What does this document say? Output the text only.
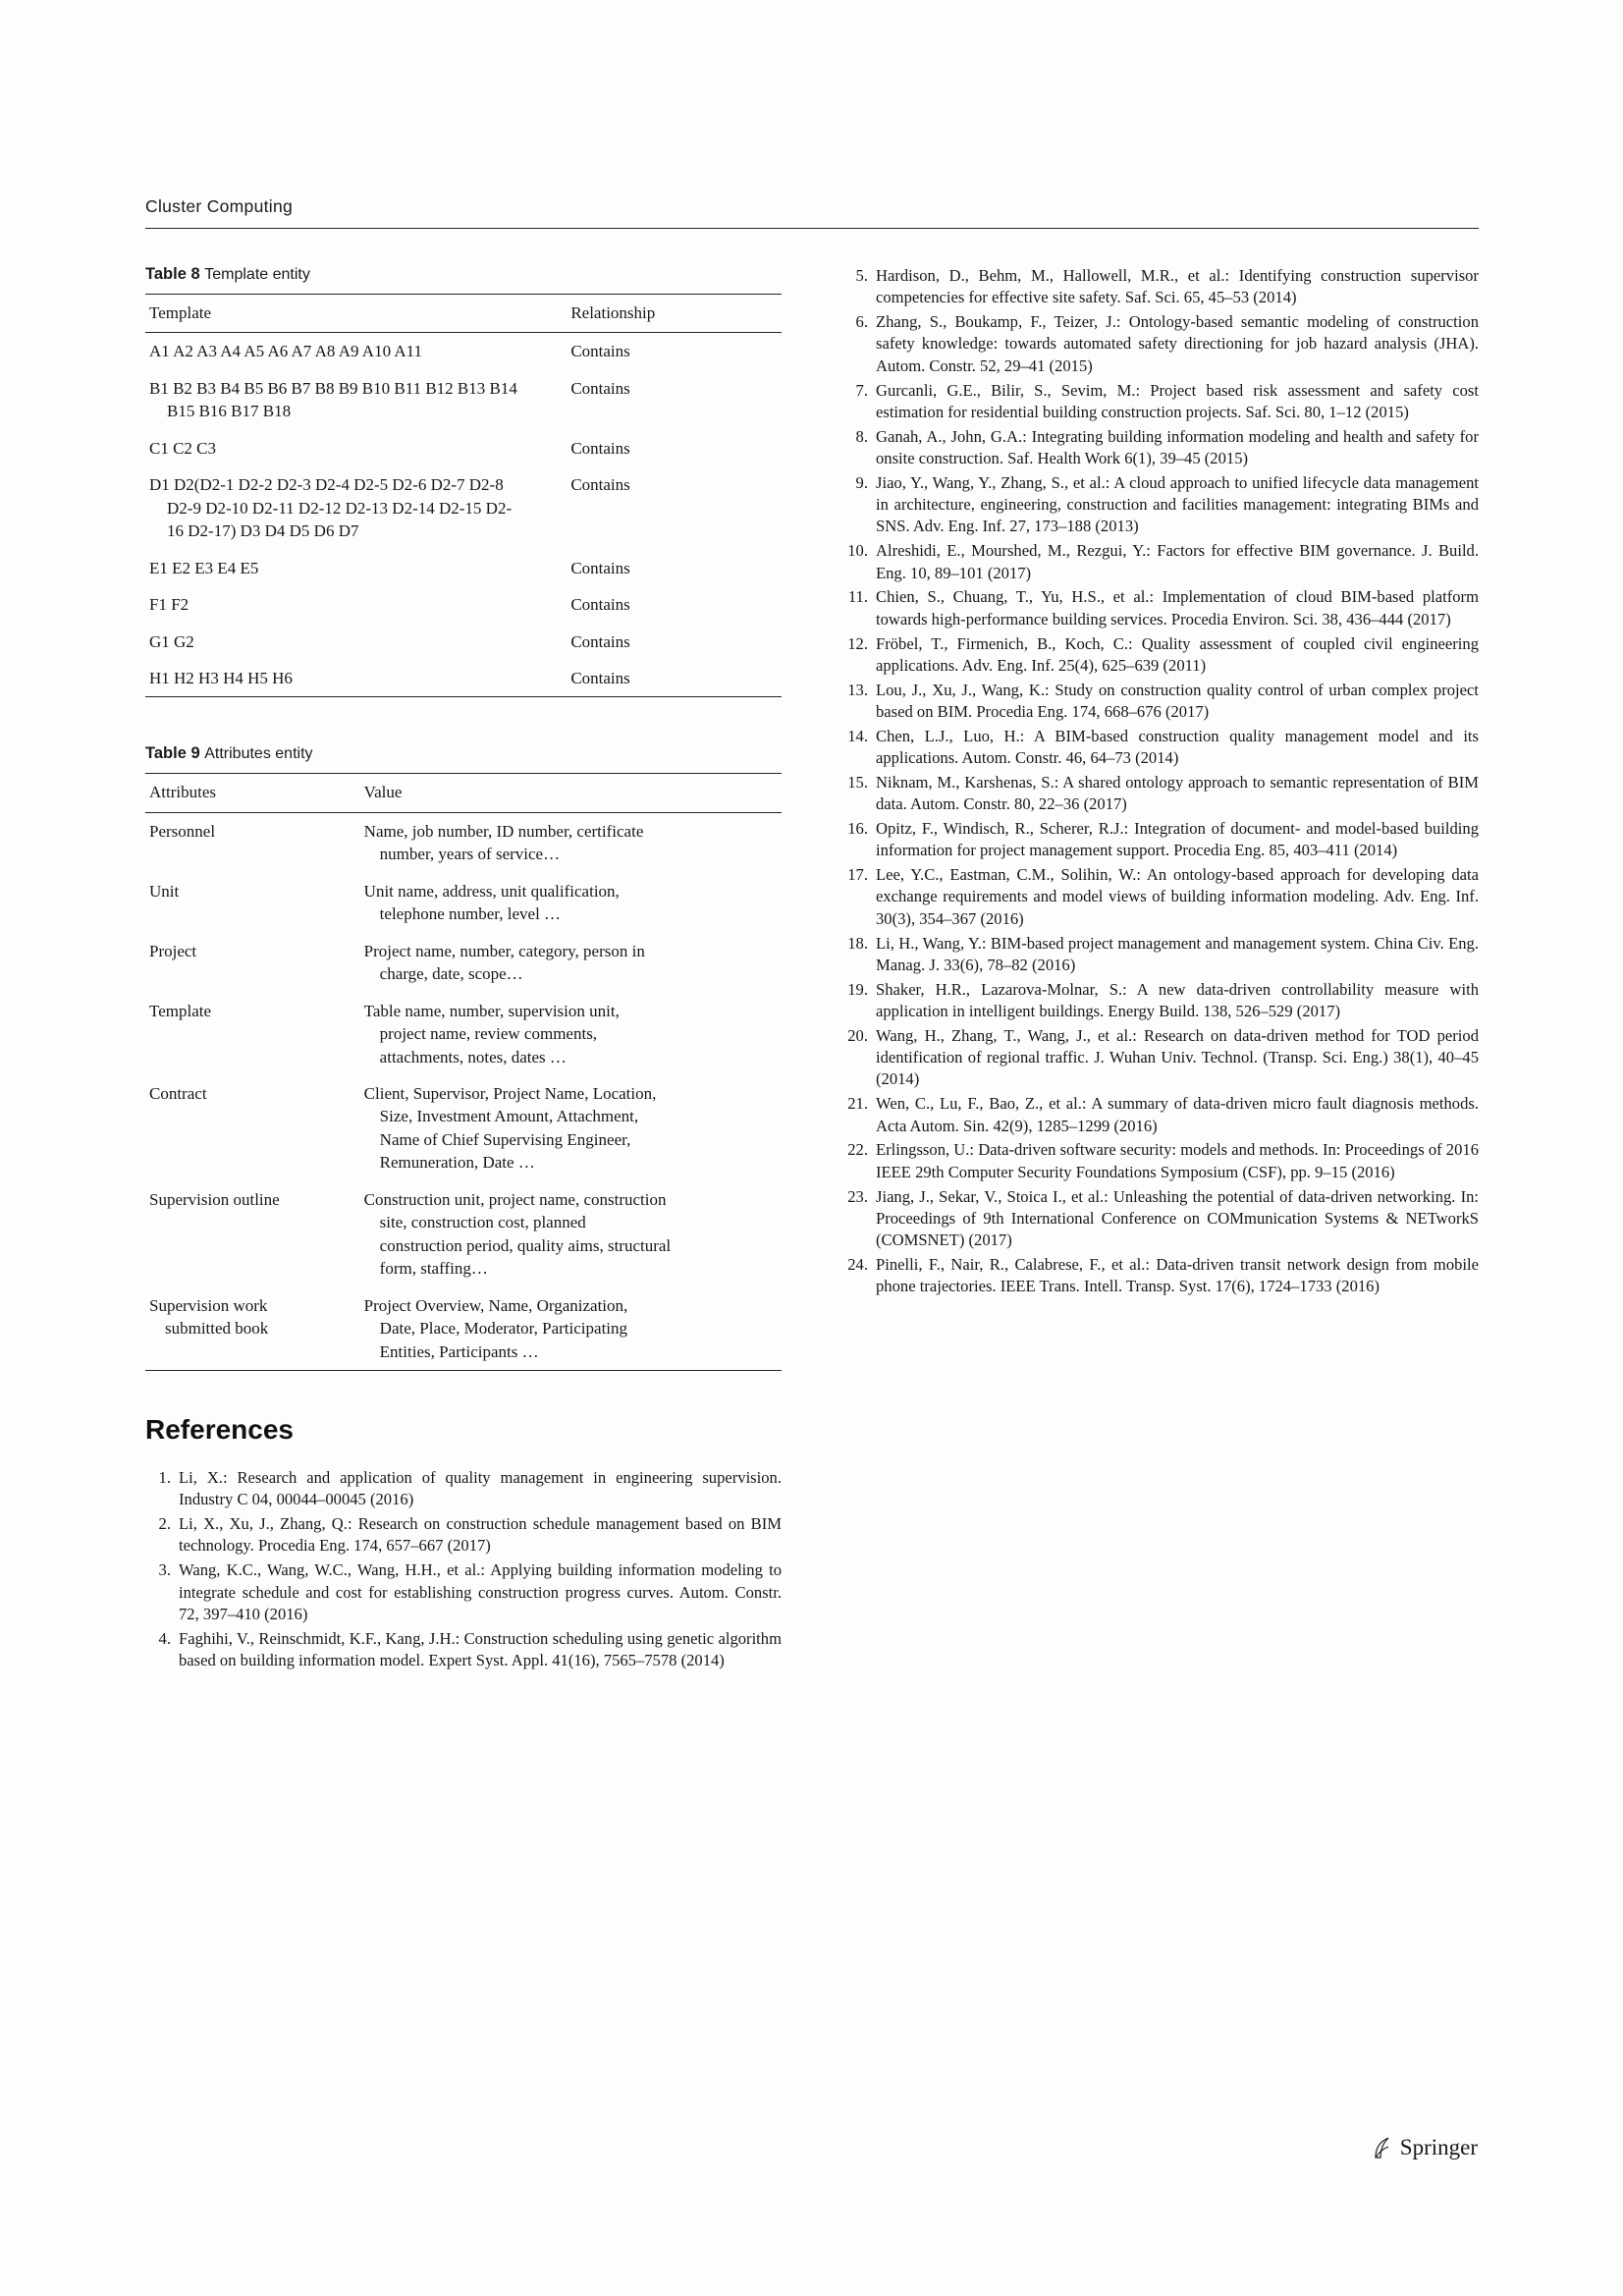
Cluster Computing
Table 8 Template entity
Template	Relationship

A1 A2 A3 A4 A5 A6 A7 A8 A9 A10 A11	Contains

B1 B2 B3 B4 B5 B6 B7 B8 B9 B10 B11 B12 B13 B14
B15 B16 B17 B18	Contains

C1 C2 C3	Contains

D1 D2(D2-1 D2-2 D2-3 D2-4 D2-5 D2-6 D2-7 D2-8
D2-9 D2-10 D2-11 D2-12 D2-13 D2-14 D2-15 D2-
16 D2-17) D3 D4 D5 D6 D7	Contains

E1 E2 E3 E4 E5	Contains

F1 F2	Contains

G1 G2	Contains

H1 H2 H3 H4 H5 H6	Contains
Table 9 Attributes entity
Attributes	Value
Personnel	Name, job number, ID number, certificate
number, years of service…

Unit	Unit name, address, unit qualification,
telephone number, level …

Project	Project name, number, category, person in
charge, date, scope…

Template	Table name, number, supervision unit,
project name, review comments,
attachments, notes, dates …

Contract	Client, Supervisor, Project Name, Location,
Size, Investment Amount, Attachment,
Name of Chief Supervising Engineer,
Remuneration, Date …

Supervision outline	Construction unit, project name, construction
site, construction cost, planned
construction period, quality aims, structural
form, staffing…

Supervision work
submitted book	Project Overview, Name, Organization,
Date, Place, Moderator, Participating
Entities, Participants …
References
1. Li, X.: Research and application of quality management in engineering supervision. Industry C 04, 00044–00045 (2016)
2. Li, X., Xu, J., Zhang, Q.: Research on construction schedule management based on BIM technology. Procedia Eng. 174, 657–667 (2017)
3. Wang, K.C., Wang, W.C., Wang, H.H., et al.: Applying building information modeling to integrate schedule and cost for establishing construction progress curves. Autom. Constr. 72, 397–410 (2016)
4. Faghihi, V., Reinschmidt, K.F., Kang, J.H.: Construction scheduling using genetic algorithm based on building information model. Expert Syst. Appl. 41(16), 7565–7578 (2014)
5. Hardison, D., Behm, M., Hallowell, M.R., et al.: Identifying construction supervisor competencies for effective site safety. Saf. Sci. 65, 45–53 (2014)
6. Zhang, S., Boukamp, F., Teizer, J.: Ontology-based semantic modeling of construction safety knowledge: towards automated safety directioning for job hazard analysis (JHA). Autom. Constr. 52, 29–41 (2015)
7. Gurcanli, G.E., Bilir, S., Sevim, M.: Project based risk assessment and safety cost estimation for residential building construction projects. Saf. Sci. 80, 1–12 (2015)
8. Ganah, A., John, G.A.: Integrating building information modeling and health and safety for onsite construction. Saf. Health Work 6(1), 39–45 (2015)
9. Jiao, Y., Wang, Y., Zhang, S., et al.: A cloud approach to unified lifecycle data management in architecture, engineering, construction and facilities management: integrating BIMs and SNS. Adv. Eng. Inf. 27, 173–188 (2013)
10. Alreshidi, E., Mourshed, M., Rezgui, Y.: Factors for effective BIM governance. J. Build. Eng. 10, 89–101 (2017)
11. Chien, S., Chuang, T., Yu, H.S., et al.: Implementation of cloud BIM-based platform towards high-performance building services. Procedia Environ. Sci. 38, 436–444 (2017)
12. Fröbel, T., Firmenich, B., Koch, C.: Quality assessment of coupled civil engineering applications. Adv. Eng. Inf. 25(4), 625–639 (2011)
13. Lou, J., Xu, J., Wang, K.: Study on construction quality control of urban complex project based on BIM. Procedia Eng. 174, 668–676 (2017)
14. Chen, L.J., Luo, H.: A BIM-based construction quality management model and its applications. Autom. Constr. 46, 64–73 (2014)
15. Niknam, M., Karshenas, S.: A shared ontology approach to semantic representation of BIM data. Autom. Constr. 80, 22–36 (2017)
16. Opitz, F., Windisch, R., Scherer, R.J.: Integration of document- and model-based building information for project management support. Procedia Eng. 85, 403–411 (2014)
17. Lee, Y.C., Eastman, C.M., Solihin, W.: An ontology-based approach for developing data exchange requirements and model views of building information modeling. Adv. Eng. Inf. 30(3), 354–367 (2016)
18. Li, H., Wang, Y.: BIM-based project management and management system. China Civ. Eng. Manag. J. 33(6), 78–82 (2016)
19. Shaker, H.R., Lazarova-Molnar, S.: A new data-driven controllability measure with application in intelligent buildings. Energy Build. 138, 526–529 (2017)
20. Wang, H., Zhang, T., Wang, J., et al.: Research on data-driven method for TOD period identification of regional traffic. J. Wuhan Univ. Technol. (Transp. Sci. Eng.) 38(1), 40–45 (2014)
21. Wen, C., Lu, F., Bao, Z., et al.: A summary of data-driven micro fault diagnosis methods. Acta Autom. Sin. 42(9), 1285–1299 (2016)
22. Erlingsson, U.: Data-driven software security: models and methods. In: Proceedings of 2016 IEEE 29th Computer Security Foundations Symposium (CSF), pp. 9–15 (2016)
23. Jiang, J., Sekar, V., Stoica I., et al.: Unleashing the potential of data-driven networking. In: Proceedings of 9th International Conference on COMmunication Systems & NETworkS (COMSNET) (2017)
24. Pinelli, F., Nair, R., Calabrese, F., et al.: Data-driven transit network design from mobile phone trajectories. IEEE Trans. Intell. Transp. Syst. 17(6), 1724–1733 (2016)
Springer
